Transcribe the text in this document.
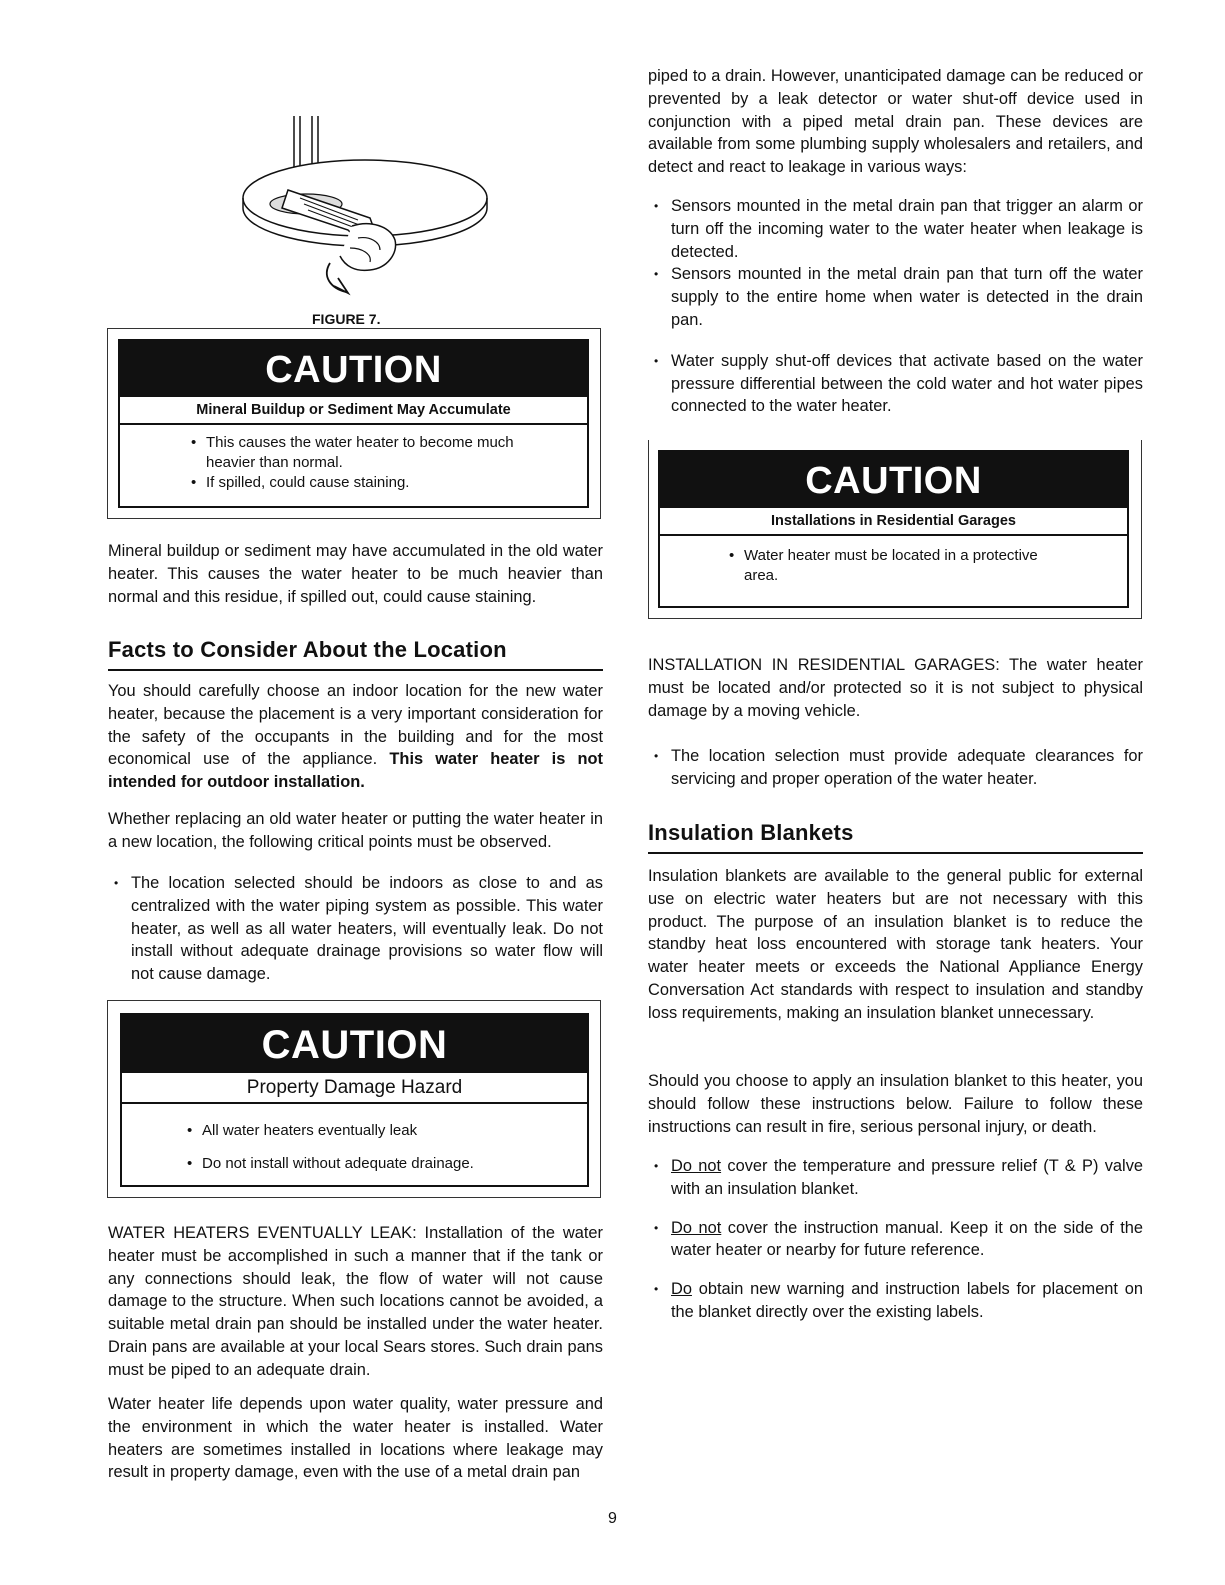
FIGURE 7.
CAUTION
Mineral Buildup or Sediment May Accumulate
• This causes the water heater to become much heavier than normal.
• If spilled, could cause staining.

Mineral buildup or sediment may have accumulated in the old water heater. This causes the water heater to be much heavier than normal and this residue, if spilled out, could cause staining.

Facts to Consider About the Location

You should carefully choose an indoor location for the new water heater, because the placement is a very important consideration for the safety of the occupants in the building and for the most economical use of the appliance. This water heater is not intended for outdoor installation.

Whether replacing an old water heater or putting the water heater in a new location, the following critical points must be observed.

• The location selected should be indoors as close to and as centralized with the water piping system as possible. This water heater, as well as all water heaters, will eventually leak. Do not install without adequate drainage provisions so water flow will not cause damage.
CAUTION
Property Damage Hazard
• All water heaters eventually leak
• Do not install without adequate drainage.

WATER HEATERS EVENTUALLY LEAK: Installation of the water heater must be accomplished in such a manner that if the tank or any connections should leak, the flow of water will not cause damage to the structure. When such locations cannot be avoided, a suitable metal drain pan should be installed under the water heater. Drain pans are available at your local Sears stores. Such drain pans must be piped to an adequate drain.

Water heater life depends upon water quality, water pressure and the environment in which the water heater is installed. Water heaters are sometimes installed in locations where leakage may result in property damage, even with the use of a metal drain pan

piped to a drain. However, unanticipated damage can be reduced or prevented by a leak detector or water shut-off device used in conjunction with a piped metal drain pan. These devices are available from some plumbing supply wholesalers and retailers, and detect and react to leakage in various ways:

• Sensors mounted in the metal drain pan that trigger an alarm or turn off the incoming water to the water heater when leakage is detected.
• Sensors mounted in the metal drain pan that turn off the water supply to the entire home when water is detected in the drain pan.
• Water supply shut-off devices that activate based on the water pressure differential between the cold water and hot water pipes connected to the water heater.
CAUTION
Installations in Residential Garages
• Water heater must be located in a protective area.

INSTALLATION IN RESIDENTIAL GARAGES: The water heater must be located and/or protected so it is not subject to physical damage by a moving vehicle.

• The location selection must provide adequate clearances for servicing and proper operation of the water heater.
Insulation Blankets

Insulation blankets are available to the general public for external use on electric water heaters but are not necessary with this product. The purpose of an insulation blanket is to reduce the standby heat loss encountered with storage tank heaters. Your water heater meets or exceeds the National Appliance Energy Conversation Act standards with respect to insulation and standby loss requirements, making an insulation blanket unnecessary.

Should you choose to apply an insulation blanket to this heater, you should follow these instructions below. Failure to follow these instructions can result in fire, serious personal injury, or death.

• Do not cover the temperature and pressure relief (T & P) valve with an insulation blanket.
• Do not cover the instruction manual. Keep it on the side of the water heater or nearby for future reference.
• Do obtain new warning and instruction labels for placement on the blanket directly over the existing labels.
9
